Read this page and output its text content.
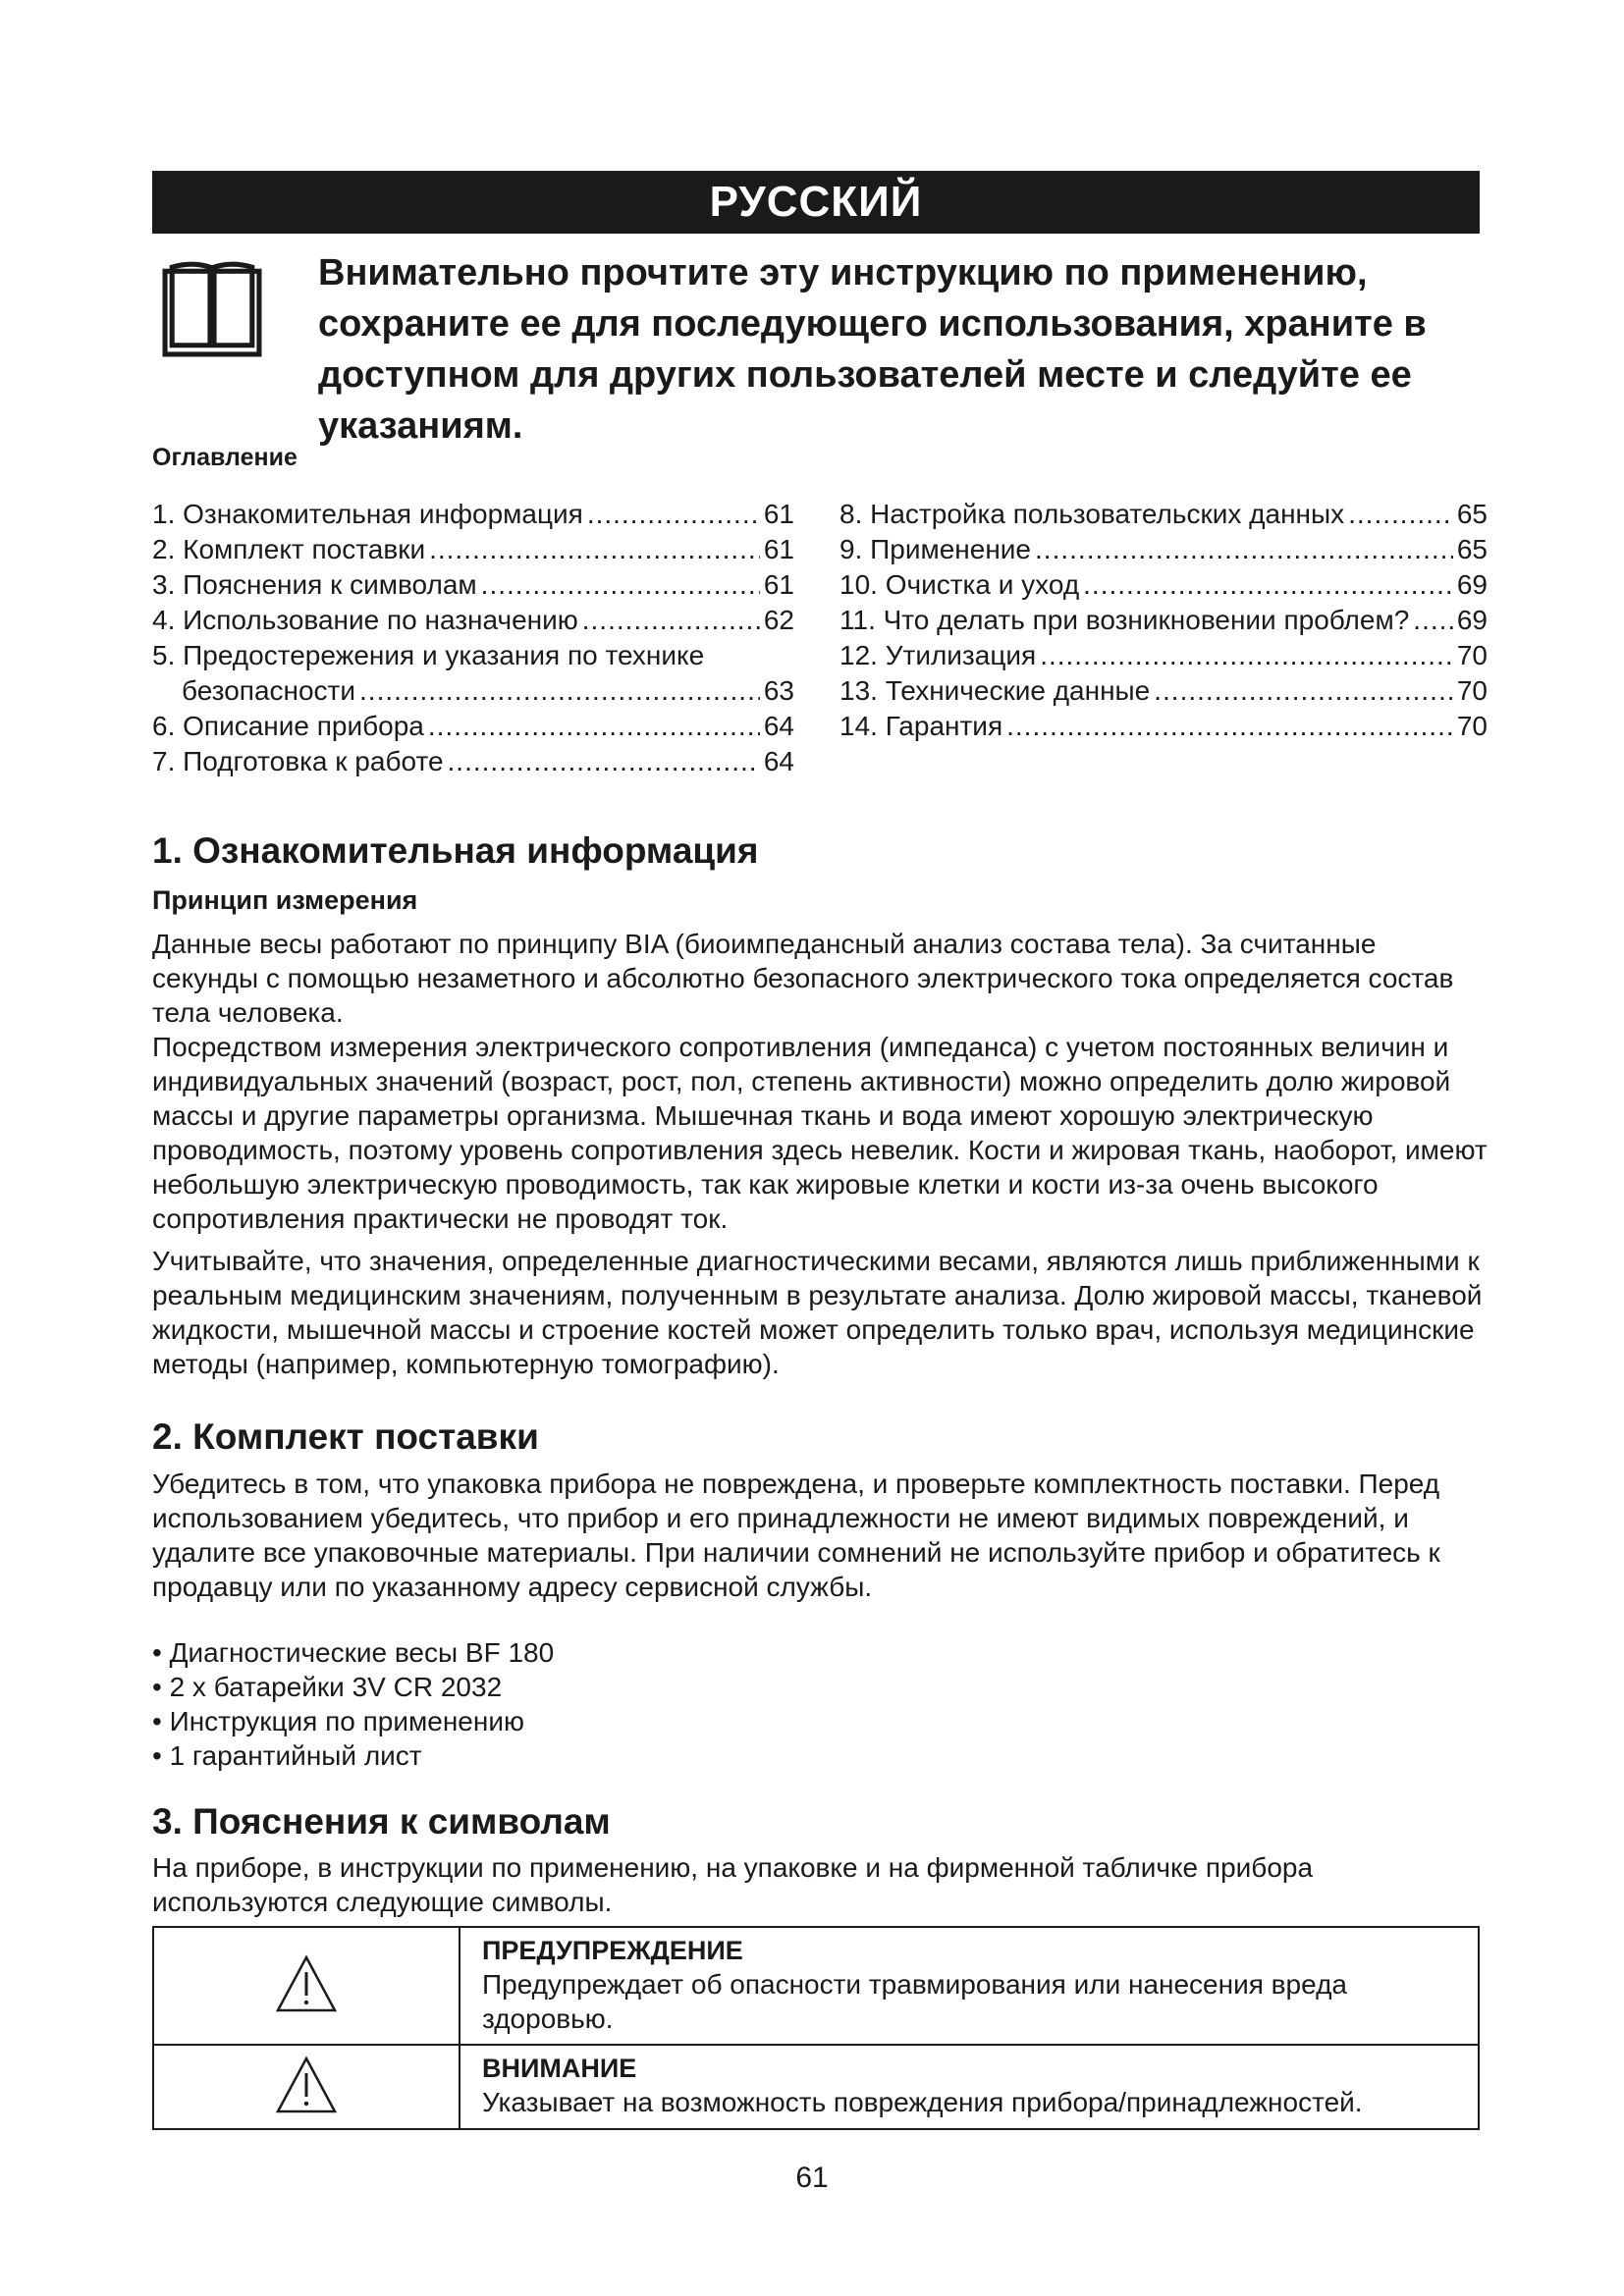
РУССКИЙ
Внимательно прочтите эту инструкцию по применению, сохраните ее для последующего использования, храните в доступном для других пользователей месте и следуйте ее указаниям.
Оглавление
1. Ознакомительная информация .....	61
2. Комплект поставки .....	61
3. Пояснения к символам .....	61
4. Использование по назначению .....	62
5. Предостережения и указания по технике
безопасности .....	63
6. Описание прибора .....	64
7. Подготовка к работе .....	64
8. Настройка пользовательских данных .....	65
9. Применение .....	65
10. Очистка и уход .....	69
11. Что делать при возникновении проблем? ..... 69
12. Утилизация .....	70
13. Технические данные .....	70
14. Гарантия .....	70
1. Ознакомительная информация
Принцип измерения

Данные весы работают по принципу BIA (биоимпедансный анализ состава тела). За считанные секунды с помощью незаметного и абсолютно безопасного электрического тока определяется состав тела человека.

Посредством измерения электрического сопротивления (импеданса) с учетом постоянных величин и индивидуальных значений (возраст, рост, пол, степень активности) можно определить долю жировой массы и другие параметры организма. Мышечная ткань и вода имеют хорошую электрическую проводимость, поэтому уровень сопротивления здесь невелик. Кости и жировая ткань, наоборот, имеют небольшую электрическую проводимость, так как жировые клетки и кости из-за очень высокого сопротивления практически не проводят ток.

Учитывайте, что значения, определенные диагностическими весами, являются лишь приближенными к реальным медицинским значениям, полученным в результате анализа. Долю жировой массы, тканевой жидкости, мышечной массы и строение костей может определить только врач, используя медицинские методы (например, компьютерную томографию).

2. Комплект поставки
Убедитесь в том, что упаковка прибора не повреждена, и проверьте комплектность поставки. Перед использованием убедитесь, что прибор и его принадлежности не имеют видимых повреждений, и удалите все упаковочные материалы. При наличии сомнений не используйте прибор и обратитесь к продавцу или по указанному адресу сервисной службы.
• Диагностические весы BF 180
• 2 х батарейки 3V CR 2032
• Инструкция по применению
• 1 гарантийный лист
3. Пояснения к символам
На приборе, в инструкции по применению, на упаковке и на фирменной табличке прибора используются следующие символы.

ПРЕДУПРЕЖДЕНИЕ
Предупреждает об опасности травмирования или нанесения вреда здоровью.

ВНИМАНИЕ
Указывает на возможность повреждения прибора/принадлежностей.
61
